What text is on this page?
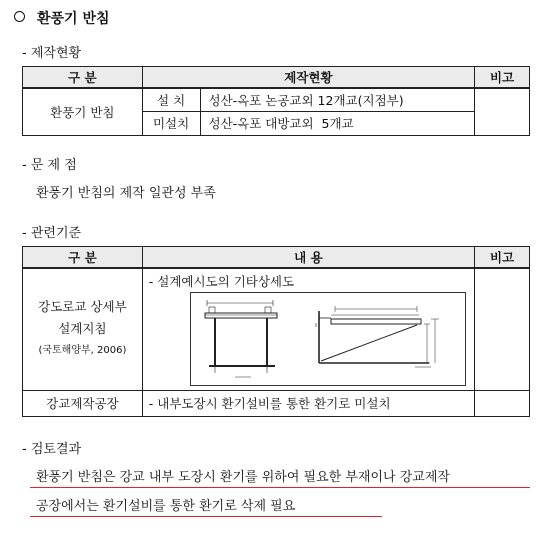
환풍기 반침
- 제작현황
구 분	제작현황		비고
환풍기 반침	설 치	성산-옥포 논공교외 12개교(지점부)	
	미설치	성산-옥포 대방교외  5개교	
- 문 제 점
환풍기 반침의 제작 일관성 부족
- 관련기준
구 분	내 용	비고

강도로교 상세부
설계지침
(국토해양부, 2006)	- 설계예시도의 기타상세도	

강교제작공장	- 내부도장시 환기설비를 통한 환기로 미설치	
- 검토결과
환풍기 반침은 강교 내부 도장시 환기를 위하여 필요한 부재이나 강교제작
공장에서는 환기설비를 통한 환기로 삭제 필요
